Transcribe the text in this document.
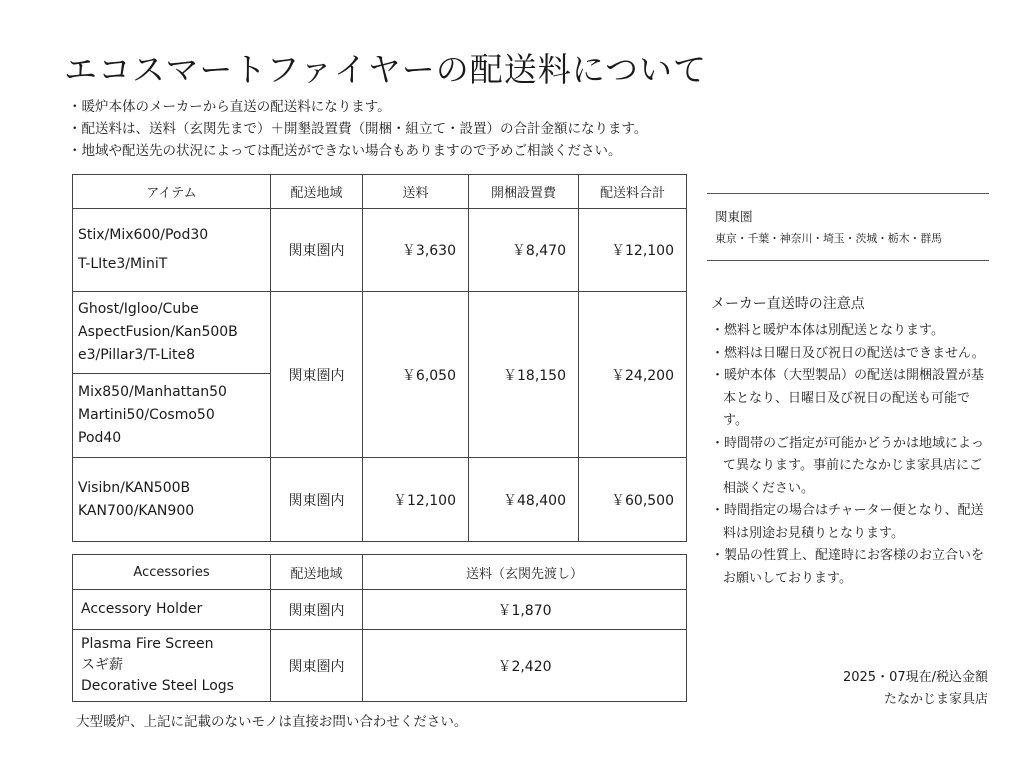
エコスマートファイヤーの配送料について
・暖炉本体のメーカーから直送の配送料になります。
・配送料は、送料（玄関先まで）＋開墾設置費（開梱・組立て・設置）の合計金額になります。
・地域や配送先の状況によっては配送ができない場合もありますので予めご相談ください。
アイテム	配送地域	送料	開梱設置費	配送料合計

Stix/Mix600/Pod30
T-LIte3/MiniT	関東圏内	￥3,630	￥8,470	￥12,100

Ghost/Igloo/Cube
AspectFusion/Kan500B
e3/Pillar3/T-Lite8	関東圏内	￥6,050	￥18,150	￥24,200

Mix850/Manhattan50
Martini50/Cosmo50
Pod40				

Visibn/KAN500B
KAN700/KAN900	関東圏内	￥12,100	￥48,400	￥60,500
Accessories	配送地域	送料（玄関先渡し）
Accessory Holder	関東圏内	￥1,870

Plasma Fire Screen
スギ薪
Decorative Steel Logs	関東圏内	￥2,420
大型暖炉、上記に記載のないモノは直接お問い合わせください。
関東圏
東京・千葉・神奈川・埼玉・茨城・栃木・群馬
メーカー直送時の注意点
・燃料と暖炉本体は別配送となります。
・燃料は日曜日及び祝日の配送はできません。
・暖炉本体（大型製品）の配送は開梱設置が基本となり、日曜日及び祝日の配送も可能です。
・時間帯のご指定が可能かどうかは地域によって異なります。事前にたなかじま家具店にご相談ください。
・時間指定の場合はチャーター便となり、配送料は別途お見積りとなります。
・製品の性質上、配達時にお客様のお立合いをお願いしております。
2025・07現在/税込金額
たなかじま家具店
